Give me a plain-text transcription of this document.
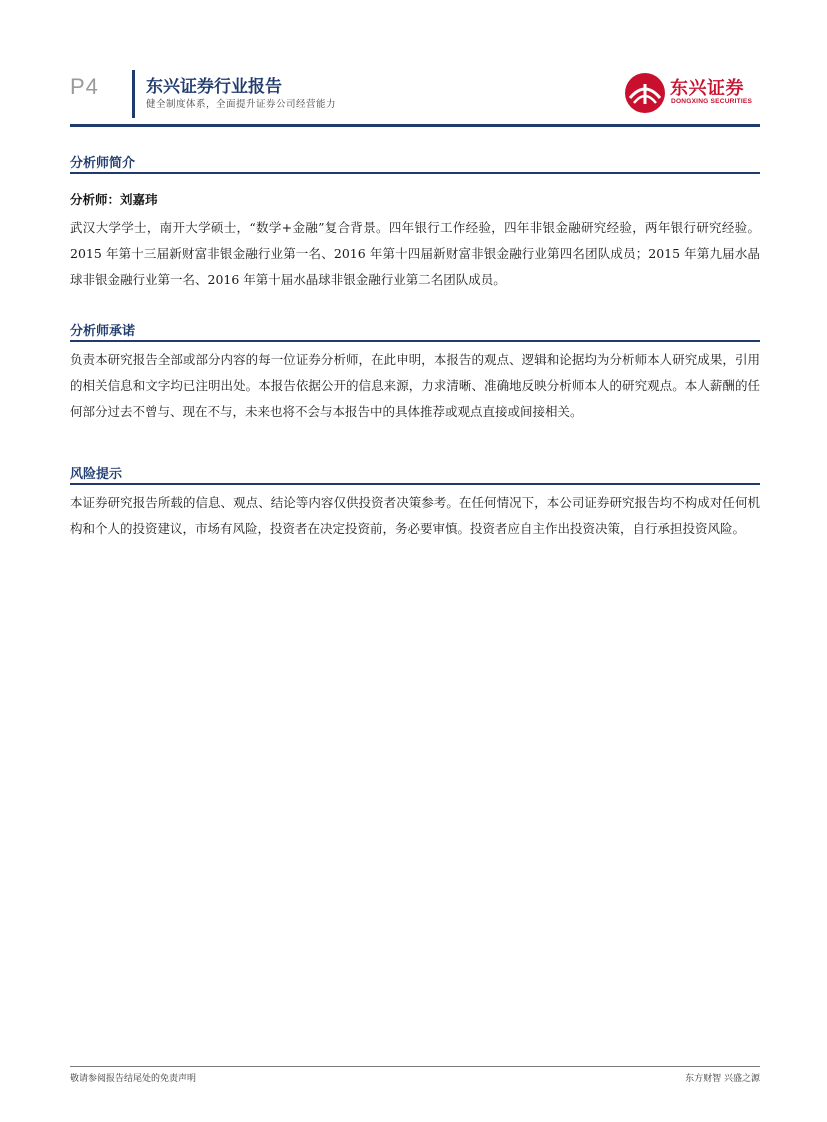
P4	东兴证券行业报告
健全制度体系，全面提升证券公司经营能力
东兴证券
DONGXING SECURITIES
分析师简介
分析师：刘嘉玮
武汉大学学士，南开大学硕士，“数学+金融”复合背景。四年银行工作经验，四年非银金融研究经验，两年银行研究经验。2015 年第十三届新财富非银金融行业第一名、2016 年第十四届新财富非银金融行业第四名团队成员；2015 年第九届水晶球非银金融行业第一名、2016 年第十届水晶球非银金融行业第二名团队成员。
分析师承诺
负责本研究报告全部或部分内容的每一位证券分析师，在此申明，本报告的观点、逻辑和论据均为分析师本人研究成果，引用的相关信息和文字均已注明出处。本报告依据公开的信息来源，力求清晰、准确地反映分析师本人的研究观点。本人薪酬的任何部分过去不曾与、现在不与，未来也将不会与本报告中的具体推荐或观点直接或间接相关。
风险提示
本证券研究报告所载的信息、观点、结论等内容仅供投资者决策参考。在任何情况下，本公司证券研究报告均不构成对任何机构和个人的投资建议，市场有风险，投资者在决定投资前，务必要审慎。投资者应自主作出投资决策，自行承担投资风险。
敬请参阅报告结尾处的免责声明	东方财智 兴盛之源
